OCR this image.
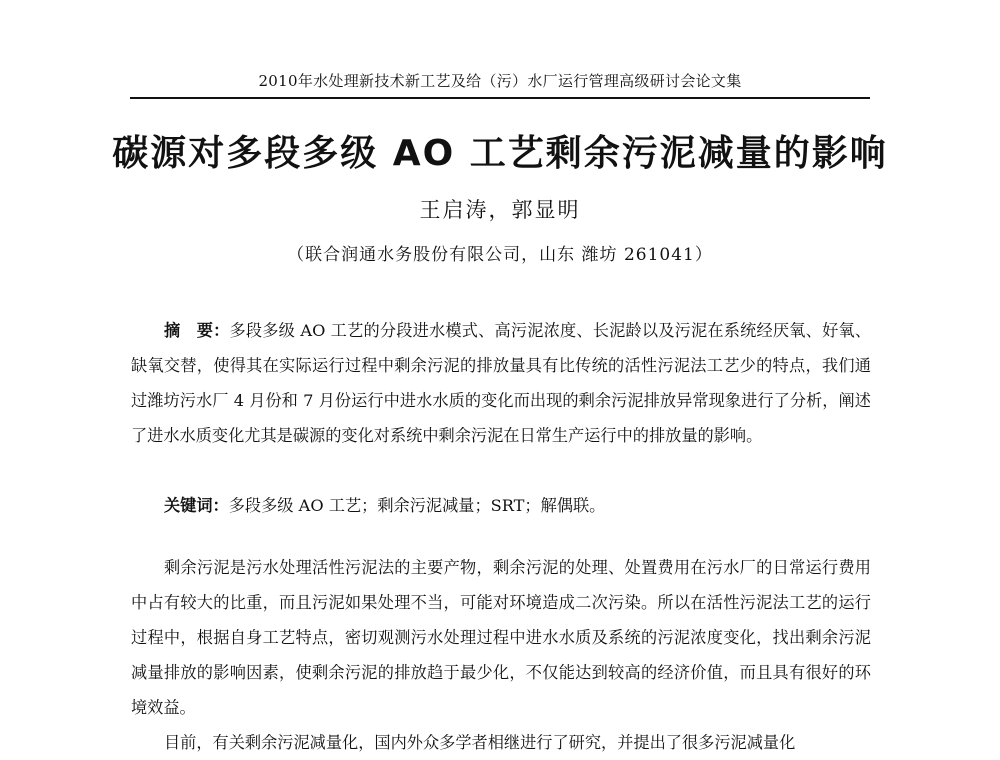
2010年水处理新技术新工艺及给（污）水厂运行管理高级研讨会论文集
碳源对多段多级 AO 工艺剩余污泥减量的影响
王启涛，郭显明
（联合润通水务股份有限公司，山东 潍坊 261041）

摘　要：多段多级 AO 工艺的分段进水模式、高污泥浓度、长泥龄以及污泥在系统经厌氧、好氧、缺氧交替，使得其在实际运行过程中剩余污泥的排放量具有比传统的活性污泥法工艺少的特点，我们通过潍坊污水厂 4 月份和 7 月份运行中进水水质的变化而出现的剩余污泥排放异常现象进行了分析，阐述了进水水质变化尤其是碳源的变化对系统中剩余污泥在日常生产运行中的排放量的影响。

关键词：多段多级 AO 工艺；剩余污泥减量；SRT；解偶联。

剩余污泥是污水处理活性污泥法的主要产物，剩余污泥的处理、处置费用在污水厂的日常运行费用中占有较大的比重，而且污泥如果处理不当，可能对环境造成二次污染。所以在活性污泥法工艺的运行过程中，根据自身工艺特点，密切观测污水处理过程中进水水质及系统的污泥浓度变化，找出剩余污泥减量排放的影响因素，使剩余污泥的排放趋于最少化，不仅能达到较高的经济价值，而且具有很好的环境效益。

目前，有关剩余污泥减量化，国内外众多学者相继进行了研究，并提出了很多污泥减量化
